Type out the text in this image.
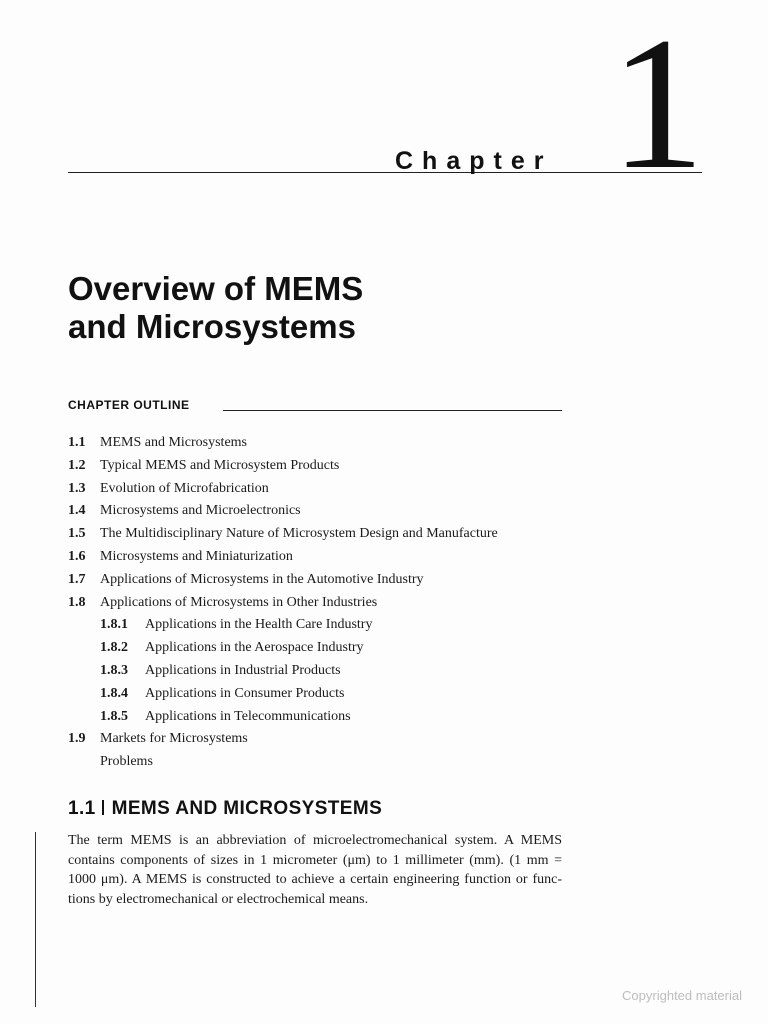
Chapter 1
Overview of MEMS
and Microsystems
CHAPTER OUTLINE
1.1 MEMS and Microsystems
1.2 Typical MEMS and Microsystem Products
1.3 Evolution of Microfabrication
1.4 Microsystems and Microelectronics
1.5 The Multidisciplinary Nature of Microsystem Design and Manufacture
1.6 Microsystems and Miniaturization
1.7 Applications of Microsystems in the Automotive Industry
1.8 Applications of Microsystems in Other Industries
1.8.1 Applications in the Health Care Industry
1.8.2 Applications in the Aerospace Industry
1.8.3 Applications in Industrial Products
1.8.4 Applications in Consumer Products
1.8.5 Applications in Telecommunications
1.9 Markets for Microsystems
Problems
1.1 MEMS AND MICROSYSTEMS
The term MEMS is an abbreviation of microelectromechanical system. A MEMS
contains components of sizes in 1 micrometer (μm) to 1 millimeter (mm). (1 mm =
1000 μm). A MEMS is constructed to achieve a certain engineering function or func-
tions by electromechanical or electrochemical means.
Copyrighted material
